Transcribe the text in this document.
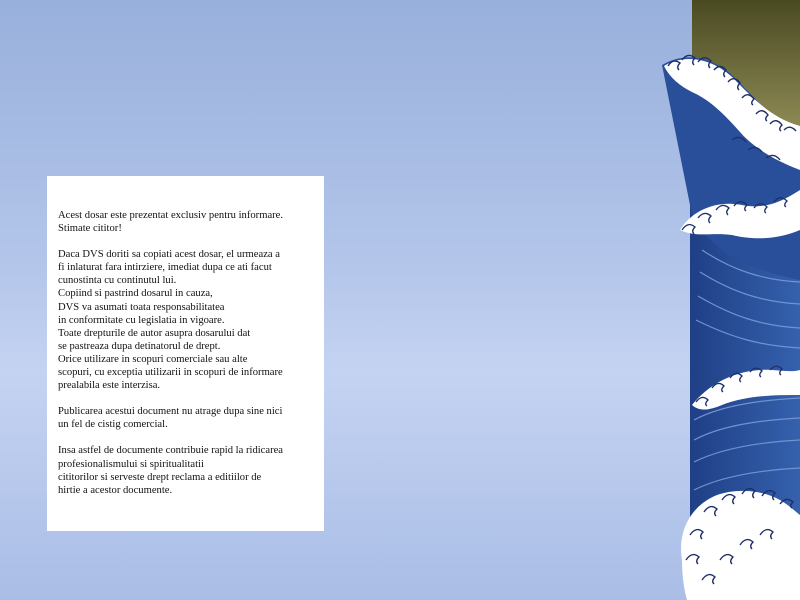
Acest dosar este prezentat exclusiv pentru informare.
Stimate cititor!

Daca DVS doriti sa copiati acest dosar, el urmeaza a
fi inlaturat fara intirziere, imediat dupa ce ati facut
cunostinta cu continutul lui.
Copiind si pastrind dosarul in cauza,
DVS va asumati toata responsabilitatea
in conformitate cu legislatia in vigoare.
Toate drepturile de autor asupra dosarului dat
se pastreaza dupa detinatorul de drept.
Orice utilizare in scopuri comerciale sau alte
scopuri, cu exceptia utilizarii in scopuri de informare
prealabila este interzisa.

Publicarea acestui document nu atrage dupa sine nici
un fel de cistig comercial.

Insa astfel de documente contribuie rapid la ridicarea
profesionalismului si spiritualitatii
cititorilor si serveste drept reclama a editiilor de
hirtie a acestor documente.
